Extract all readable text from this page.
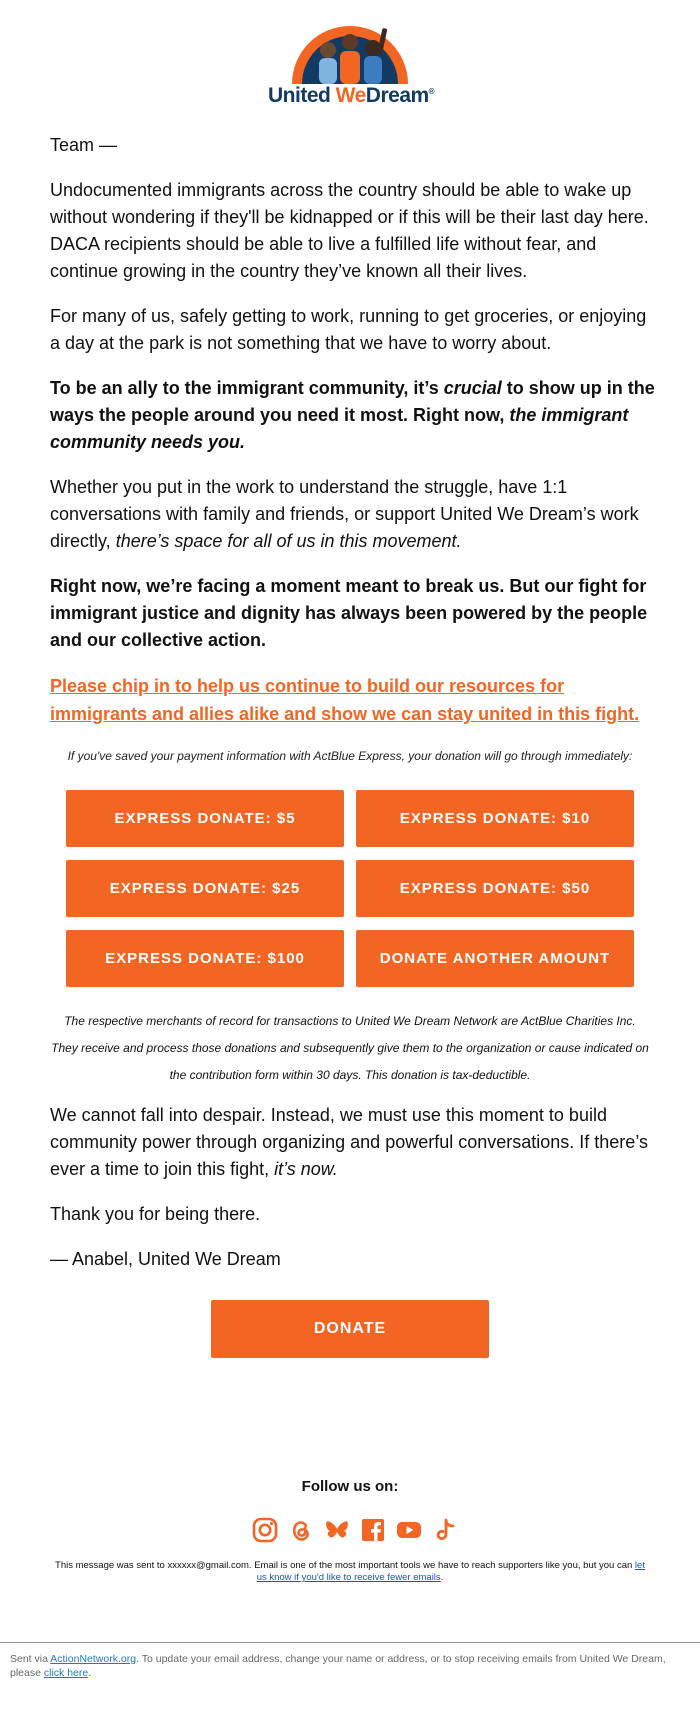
United WeDream®

Team —

Undocumented immigrants across the country should be able to wake up without wondering if they'll be kidnapped or if this will be their last day here. DACA recipients should be able to live a fulfilled life without fear, and continue growing in the country they’ve known all their lives.

For many of us, safely getting to work, running to get groceries, or enjoying a day at the park is not something that we have to worry about.

To be an ally to the immigrant community, it’s crucial to show up in the ways the people around you need it most. Right now, the immigrant community needs you.

Whether you put in the work to understand the struggle, have 1:1 conversations with family and friends, or support United We Dream’s work directly, there’s space for all of us in this movement.

Right now, we’re facing a moment meant to break us. But our fight for immigrant justice and dignity has always been powered by the people and our collective action.

Please chip in to help us continue to build our resources for immigrants and allies alike and show we can stay united in this fight.

If you've saved your payment information with ActBlue Express, your donation will go through immediately:
EXPRESS DONATE: $5	EXPRESS DONATE: $10
EXPRESS DONATE: $25	EXPRESS DONATE: $50
EXPRESS DONATE: $100	DONATE ANOTHER AMOUNT
The respective merchants of record for transactions to United We Dream Network are ActBlue Charities Inc. They receive and process those donations and subsequently give them to the organization or cause indicated on the contribution form within 30 days. This donation is tax-deductible.

We cannot fall into despair. Instead, we must use this moment to build community power through organizing and powerful conversations. If there’s ever a time to join this fight, it’s now.

Thank you for being there.

— Anabel, United We Dream

DONATE
Follow us on:
This message was sent to xxxxxx@gmail.com. Email is one of the most important tools we have to reach supporters like you, but you can let us know if you'd like to receive fewer emails.
Sent via ActionNetwork.org. To update your email address, change your name or address, or to stop receiving emails from United We Dream, please click here.
